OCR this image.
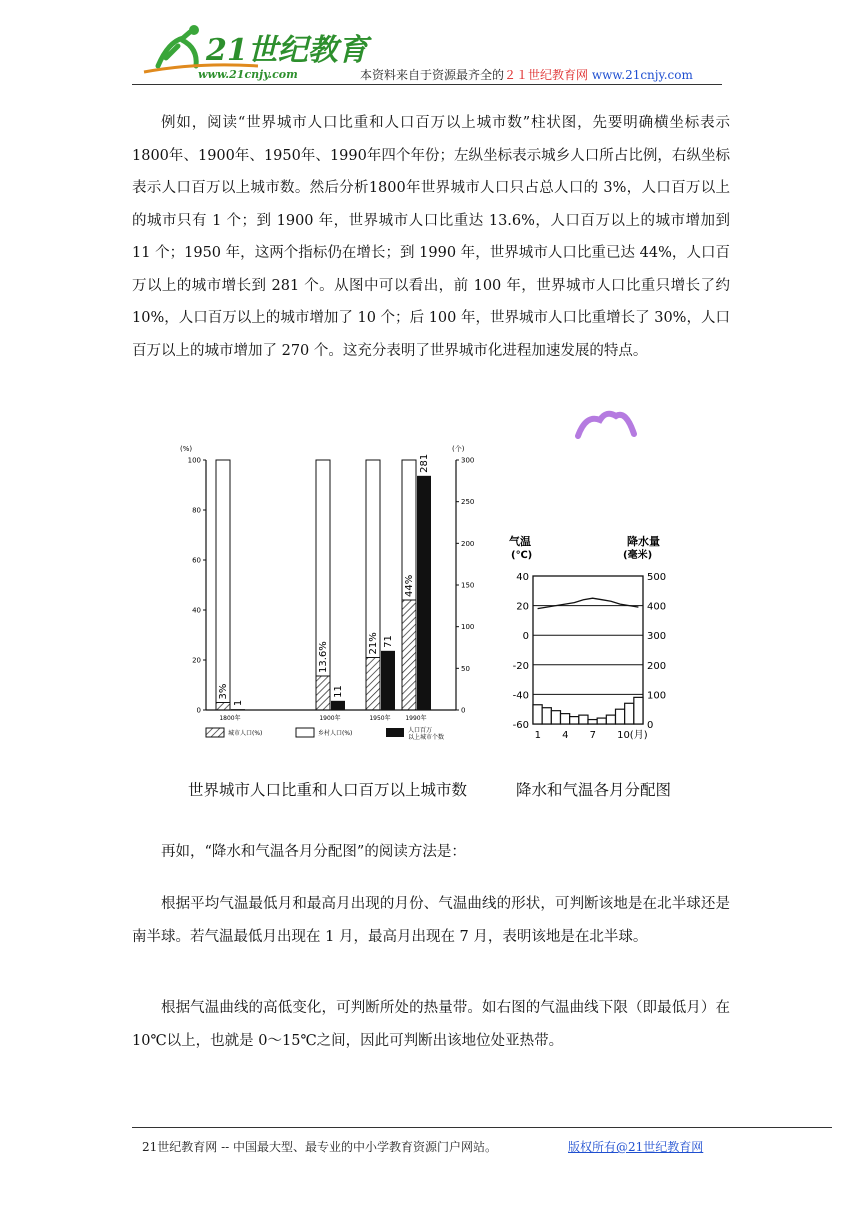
21世纪教育
www.21cnjy.com	本资料来自于资源最齐全的２１世纪教育网 www.21cnjy.com
例如，阅读“世界城市人口比重和人口百万以上城市数”柱状图，先要明确横坐标表示 1800年、1900年、1950年、1990年四个年份；左纵坐标表示城乡人口所占比例，右纵坐标表示人口百万以上城市数。然后分析1800年世界城市人口只占总人口的 3%，人口百万以上的城市只有 1 个；到 1900 年，世界城市人口比重达 13.6%，人口百万以上的城市增加到 11 个；1950 年，这两个指标仍在增长；到 1990 年，世界城市人口比重已达 44%，人口百万以上的城市增长到 281 个。从图中可以看出，前 100 年，世界城市人口比重只增长了约 10%，人口百万以上的城市增加了 10 个；后 100 年，世界城市人口比重增长了 30%，人口百万以上的城市增加了 270 个。这充分表明了世界城市化进程加速发展的特点。
(%)	(个)
0
20
40
60
80
100
0
50
100
150
200
250
300
3%
1
1800年
13.6%
11
1900年
21% 71
1950年
44%
281
1990年
城市人口(%)	乡村人口(%)	人口百万
以上城市个数
气温
(℃)
降水量
(毫米)
40
20
0
-20
-40
-60
500
400
300
200
100
0
1 4 7 10(月)
世界城市人口比重和人口百万以上城市数	降水和气温各月分配图
再如，“降水和气温各月分配图”的阅读方法是：
根据平均气温最低月和最高月出现的月份、气温曲线的形状，可判断该地是在北半球还是南半球。若气温最低月出现在 1 月，最高月出现在 7 月，表明该地是在北半球。
根据气温曲线的高低变化，可判断所处的热量带。如右图的气温曲线下限（即最低月）在 10℃以上，也就是 0～15℃之间，因此可判断出该地位处亚热带。
21世纪教育网 -- 中国最大型、最专业的中小学教育资源门户网站。	版权所有@21世纪教育网
